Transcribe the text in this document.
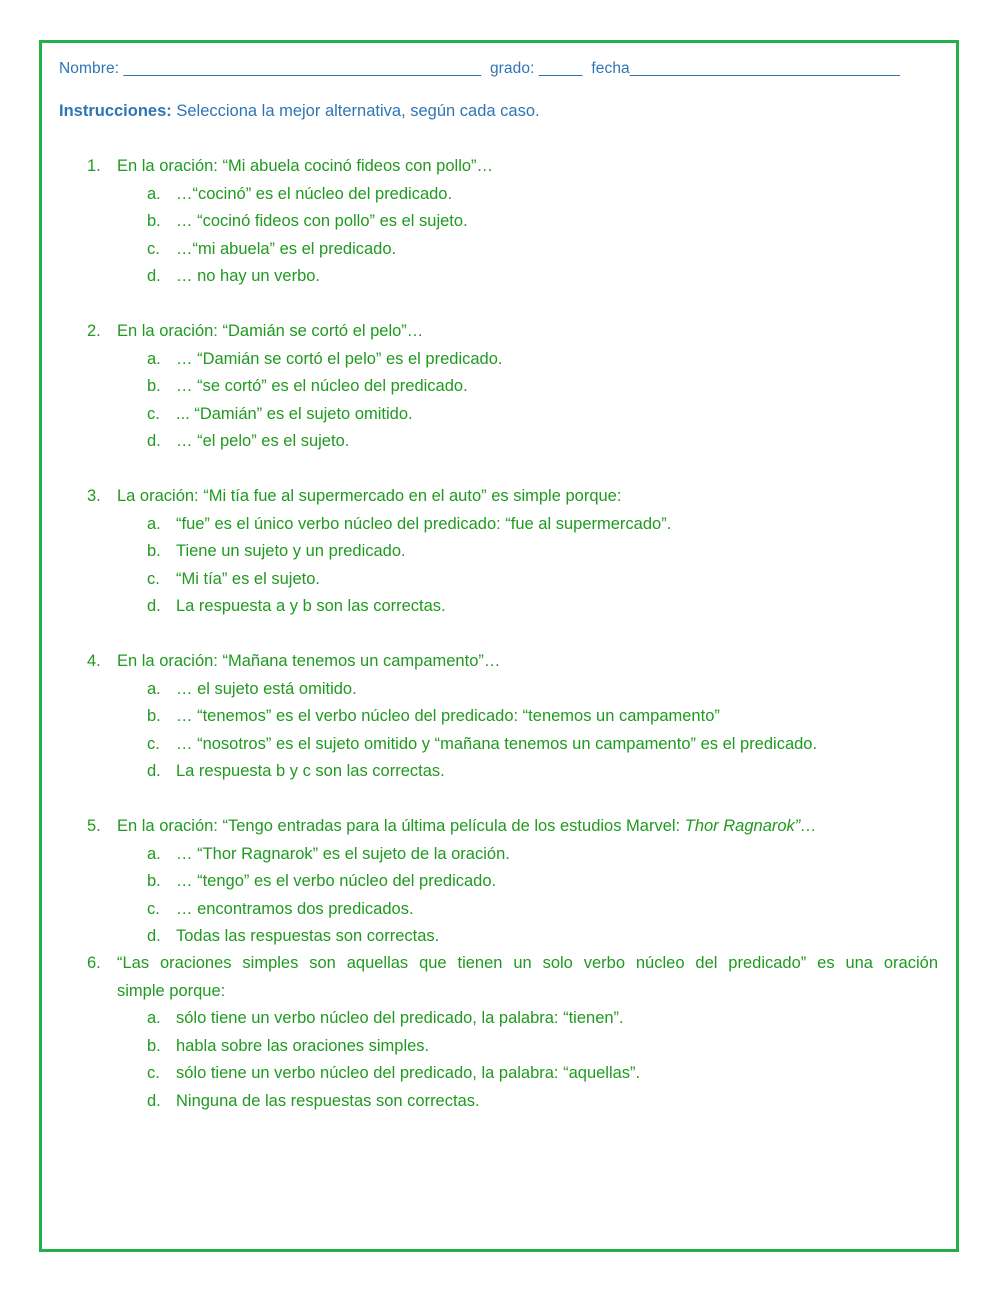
Nombre: _________________________________________ grado: _____ fecha_______________________________
Instrucciones: Selecciona la mejor alternativa, según cada caso.
1. En la oración: “Mi abuela cocinó fideos con pollo”…
a. …“cocinó” es el núcleo del predicado.
b. … “cocinó fideos con pollo” es el sujeto.
c. …“mi abuela” es el predicado.
d. … no hay un verbo.
2. En la oración: “Damián se cortó el pelo”…
a. … “Damián se cortó el pelo” es el predicado.
b. … “se cortó” es el núcleo del predicado.
c. ... “Damián” es el sujeto omitido.
d. … “el pelo” es el sujeto.
3. La oración: “Mi tía fue al supermercado en el auto” es simple porque:
a. “fue” es el único verbo núcleo del predicado: “fue al supermercado”.
b. Tiene un sujeto y un predicado.
c. “Mi tía” es el sujeto.
d. La respuesta a y b son las correctas.
4. En la oración: “Mañana tenemos un campamento”…
a. … el sujeto está omitido.
b. … “tenemos” es el verbo núcleo del predicado: “tenemos un campamento”
c. … “nosotros” es el sujeto omitido y “mañana tenemos un campamento” es el predicado.
d. La respuesta b y c son las correctas.
5. En la oración: “Tengo entradas para la última película de los estudios Marvel: Thor Ragnarok”…
a. … “Thor Ragnarok” es el sujeto de la oración.
b. … “tengo” es el verbo núcleo del predicado.
c. … encontramos dos predicados.
d. Todas las respuestas son correctas.
6. “Las oraciones simples son aquellas que tienen un solo verbo núcleo del predicado” es una oración
simple porque:
a. sólo tiene un verbo núcleo del predicado, la palabra: “tienen”.
b. habla sobre las oraciones simples.
c. sólo tiene un verbo núcleo del predicado, la palabra: “aquellas”.
d. Ninguna de las respuestas son correctas.
